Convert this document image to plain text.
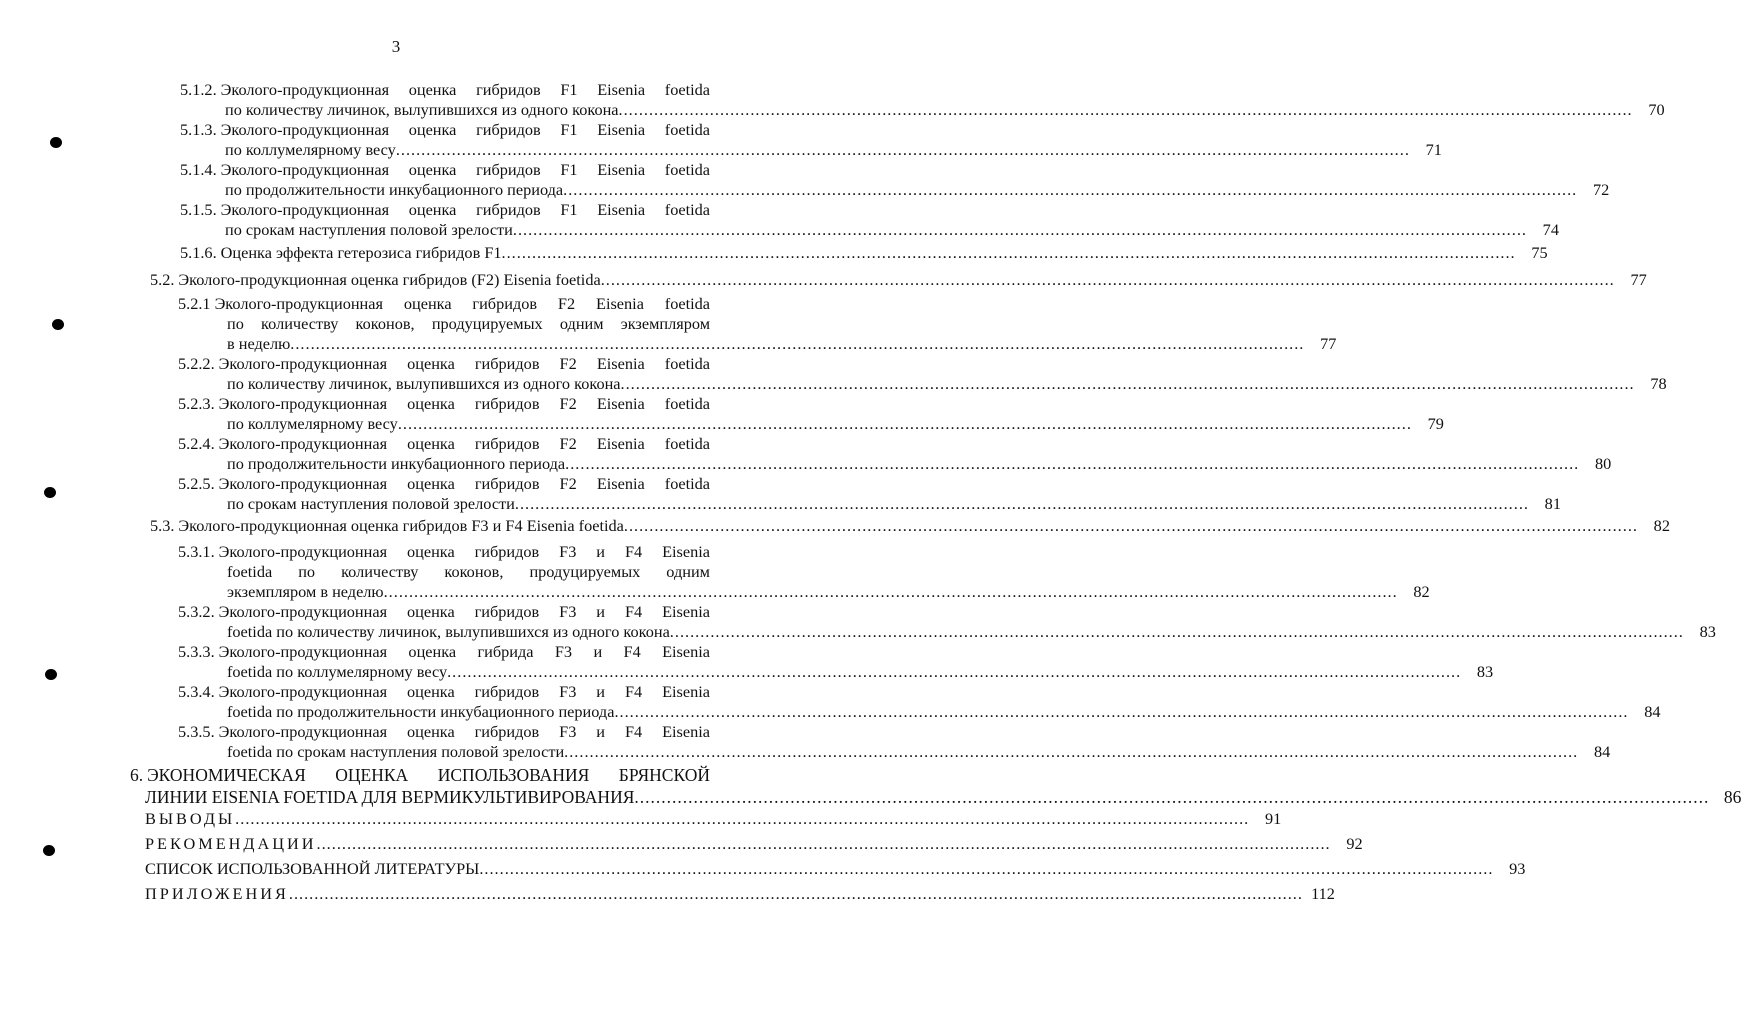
3
5.1.2. Эколого-продукционная оценка гибридов F1 Eisenia foetida
по количеству личинок, вылупившихся из одного кокона ........................................................................................................................................................................................................ 70
5.1.3. Эколого-продукционная оценка гибридов F1 Eisenia foetida
по коллумелярному весу ........................................................................................................................................................................................................ 71
5.1.4. Эколого-продукционная оценка гибридов F1 Eisenia foetida
по продолжительности инкубационного периода ........................................................................................................................................................................................................ 72
5.1.5. Эколого-продукционная оценка гибридов F1 Eisenia foetida
по срокам наступления половой зрелости ........................................................................................................................................................................................................ 74
5.1.6. Оценка эффекта гетерозиса гибридов F1 ........................................................................................................................................................................................................ 75
5.2. Эколого-продукционная оценка гибридов (F2) Eisenia foetida ........................................................................................................................................................................................................ 77
5.2.1 Эколого-продукционная оценка гибридов F2 Eisenia foetida
по количеству коконов, продуцируемых одним экземпляром
в неделю ........................................................................................................................................................................................................ 77
5.2.2. Эколого-продукционная оценка гибридов F2 Eisenia foetida
по количеству личинок, вылупившихся из одного кокона ........................................................................................................................................................................................................ 78
5.2.3. Эколого-продукционная оценка гибридов F2 Eisenia foetida
по коллумелярному весу ........................................................................................................................................................................................................ 79
5.2.4. Эколого-продукционная оценка гибридов F2 Eisenia foetida
по продолжительности инкубационного периода ........................................................................................................................................................................................................ 80
5.2.5. Эколого-продукционная оценка гибридов F2 Eisenia foetida
по срокам наступления половой зрелости ........................................................................................................................................................................................................ 81
5.3. Эколого-продукционная оценка гибридов F3 и F4 Eisenia foetida ........................................................................................................................................................................................................ 82
5.3.1. Эколого-продукционная оценка гибридов F3 и F4 Eisenia
foetida по количеству коконов, продуцируемых одним
экземпляром в неделю ........................................................................................................................................................................................................ 82
5.3.2. Эколого-продукционная оценка гибридов F3 и F4 Eisenia
foetida по количеству личинок, вылупившихся из одного кокона ........................................................................................................................................................................................................ 83
5.3.3. Эколого-продукционная оценка гибрида F3 и F4 Eisenia
foetida по коллумелярному весу ........................................................................................................................................................................................................ 83
5.3.4. Эколого-продукционная оценка гибридов F3 и F4 Eisenia
foetida по продолжительности инкубационного периода ........................................................................................................................................................................................................ 84
5.3.5. Эколого-продукционная оценка гибридов F3 и F4 Eisenia
foetida по срокам наступления половой зрелости ........................................................................................................................................................................................................ 84
6. ЭКОНОМИЧЕСКАЯ ОЦЕНКА ИСПОЛЬЗОВАНИЯ БРЯНСКОЙ
ЛИНИИ EISENIA FOETIDA ДЛЯ ВЕРМИКУЛЬТИВИРОВАНИЯ ........................................................................................................................................................................................................ 86
ВЫВОДЫ ........................................................................................................................................................................................................ 91
РЕКОМЕНДАЦИИ ........................................................................................................................................................................................................ 92
СПИСОК ИСПОЛЬЗОВАННОЙ ЛИТЕРАТУРЫ ........................................................................................................................................................................................................ 93
ПРИЛОЖЕНИЯ ........................................................................................................................................................................................................ 112
